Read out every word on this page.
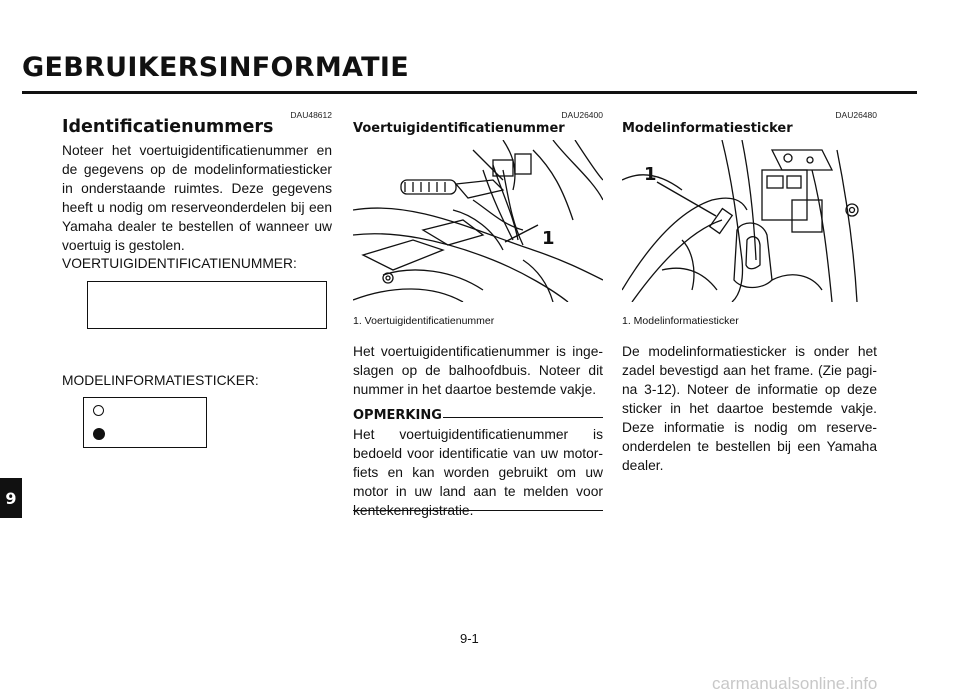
GEBRUIKERSINFORMATIE
DAU48612
Identificatienummers

Noteer het voertuigidentificatienummer en de gegevens op de modelinformatiesticker in onderstaande ruimtes. Deze gegevens heeft u nodig om reserveonderdelen bij een Yamaha dealer te bestellen of wanneer uw voertuig is gestolen.

VOERTUIGIDENTIFICATIENUMMER:
MODELINFORMATIESTICKER:
DAU26400
Voertuigidentificatienummer
1
1. Voertuigidentificatienummer

Het voertuigidentificatienummer is ingeslagen op de balhoofdbuis. Noteer dit nummer in het daartoe bestemde vakje.

OPMERKING

Het voertuigidentificatienummer is bedoeld voor identificatie van uw motorfiets en kan worden gebruikt om uw motor in uw land aan te melden voor kentekenregistratie.

DAU26480
Modelinformatiesticker
1
1. Modelinformatiesticker

De modelinformatiesticker is onder het zadel bevestigd aan het frame. (Zie pagina 3-12). Noteer de informatie op deze sticker in het daartoe bestemde vakje. Deze informatie is nodig om reserveonderdelen te bestellen bij een Yamaha dealer.

9
9-1
carmanualsonline.info
